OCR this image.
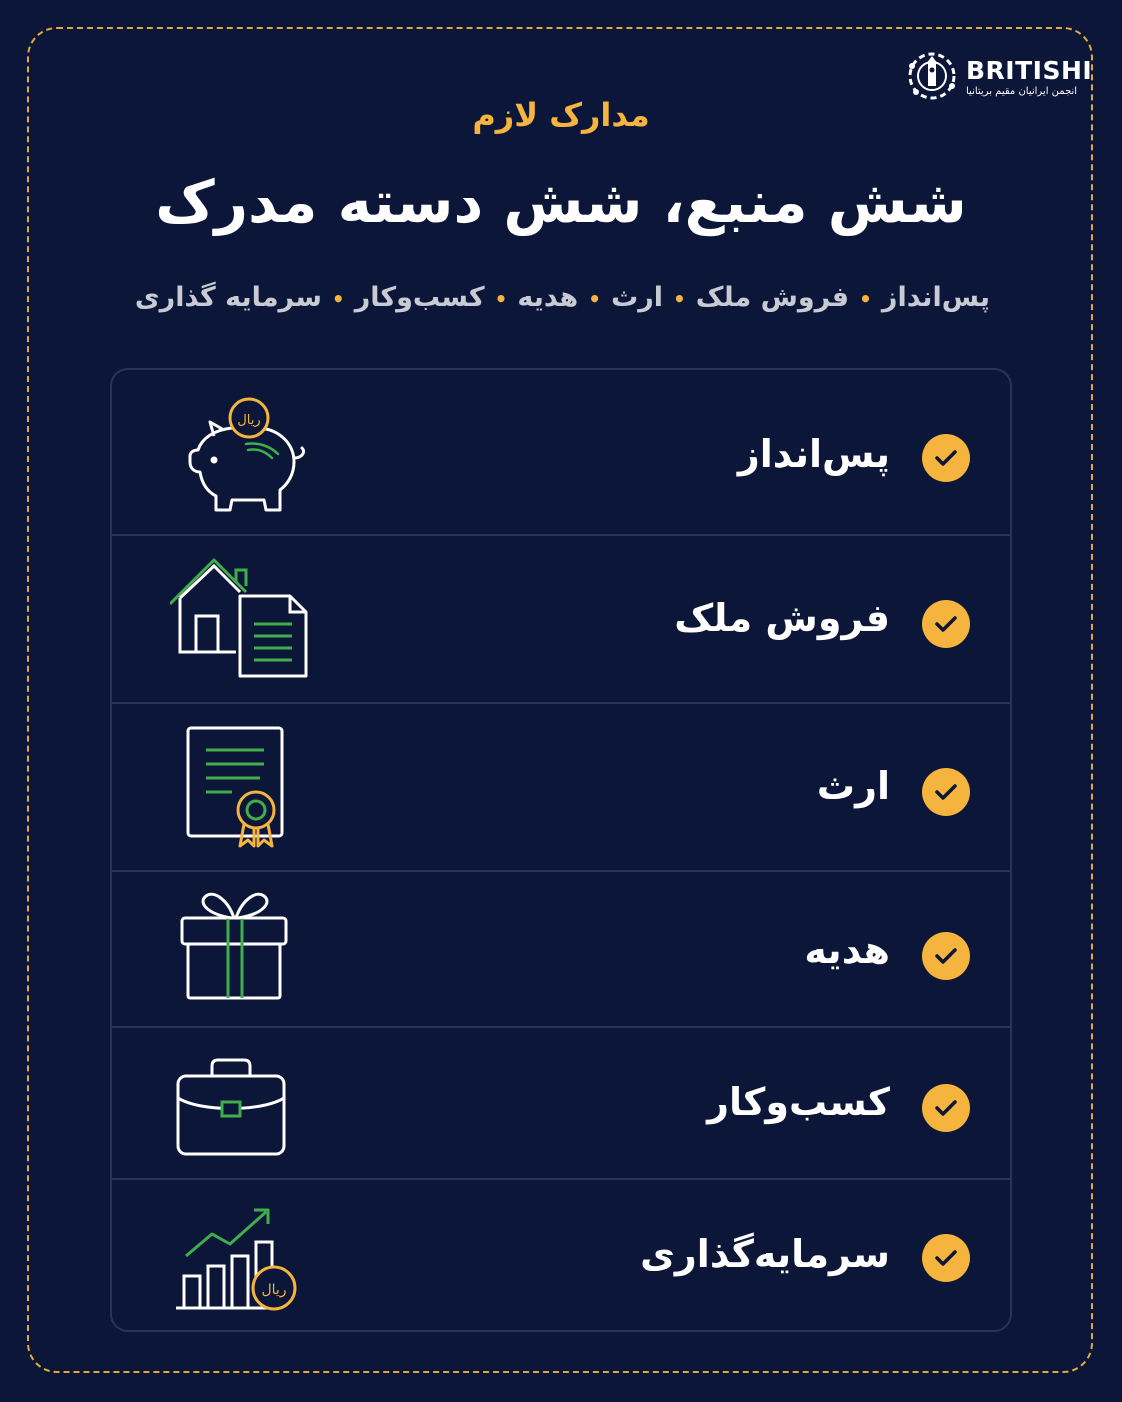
BRITISHI
انجمن ایرانیان مقیم بریتانیا
مدارک لازم
شش منبع، شش دسته مدرک
پس‌انداز•فروش ملک•ارث•هدیه•کسب‌وکار•سرمایه گذاری
پس‌انداز
ریال
فروش ملک
ارث
هدیه
کسب‌وکار
سرمایه‌گذاری
ریال
